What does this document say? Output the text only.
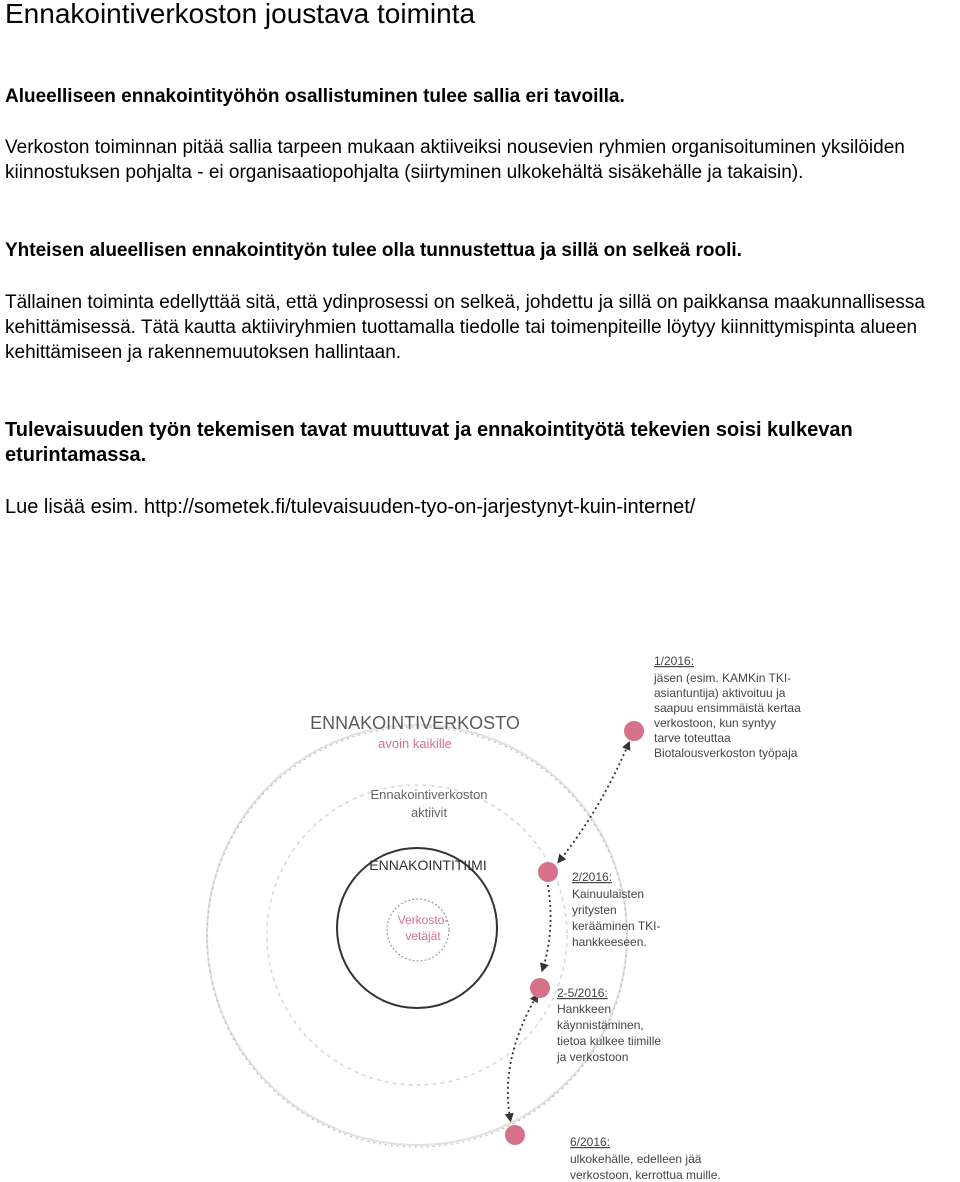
Ennakointiverkoston joustava toiminta

Alueelliseen ennakointityöhön osallistuminen tulee sallia eri tavoilla.

Verkoston toiminnan pitää sallia tarpeen mukaan aktiiveiksi nousevien ryhmien organisoituminen yksilöiden kiinnostuksen pohjalta - ei organisaatiopohjalta (siirtyminen ulkokehältä sisäkehälle ja takaisin).

Yhteisen alueellisen ennakointityön tulee olla tunnustettua ja sillä on selkeä rooli.

Tällainen toiminta edellyttää sitä, että ydinprosessi on selkeä, johdettu ja sillä on paikkansa maakunnallisessa kehittämisessä. Tätä kautta aktiiviryhmien tuottamalla tiedolle tai toimenpiteille löytyy kiinnittymispinta alueen kehittämiseen ja rakennemuutoksen hallintaan.

Tulevaisuuden työn tekemisen tavat muuttuvat ja ennakointityötä tekevien soisi kulkevan eturintamassa.

Lue lisää esim. http://sometek.fi/tulevaisuuden-tyo-on-jarjestynyt-kuin-internet/

ENNAKOINTIVERKOSTO
avoin kaikille
Ennakointiverkoston
aktiivit
ENNAKOINTITIIMI
Verkosto-
vetäjät
1/2016:
jäsen (esim. KAMKin TKI-
asiantuntija) aktivoituu ja
saapuu ensimmäistä kertaa
verkostoon, kun syntyy
tarve toteuttaa
Biotalousverkoston työpaja
2/2016:
Kainuulaisten
yritysten
kerääminen TKI-
hankkeeseen.
2-5/2016:
Hankkeen
käynnistäminen,
tietoa kulkee tiimille
ja verkostoon
6/2016:
ulkokehälle, edelleen jää
verkostoon, kerrottua muille.
